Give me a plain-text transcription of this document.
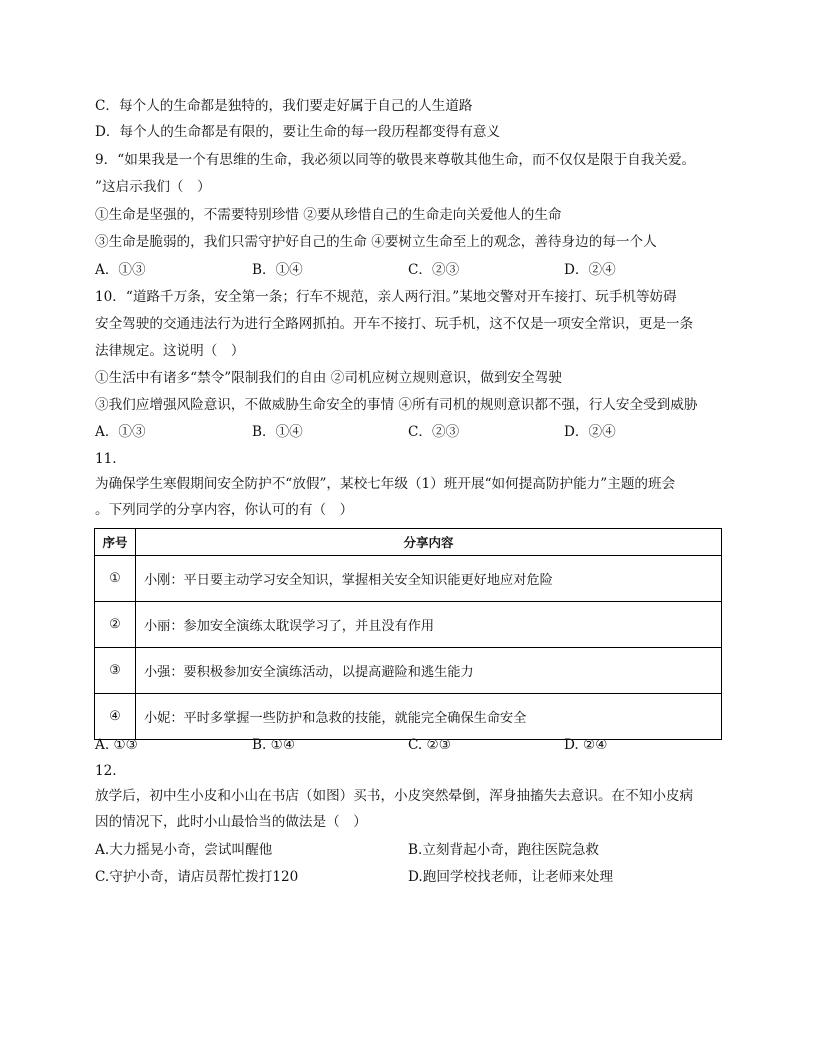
C．每个人的生命都是独特的，我们要走好属于自己的人生道路
D．每个人的生命都是有限的，要让生命的每一段历程都变得有意义
9．“如果我是一个有思维的生命，我必须以同等的敬畏来尊敬其他生命，而不仅仅是限于自我关爱。
”这启示我们（　）
①生命是坚强的，不需要特别珍惜 ②要从珍惜自己的生命走向关爱他人的生命
③生命是脆弱的，我们只需守护好自己的生命 ④要树立生命至上的观念，善待身边的每一个人
A．①③	B．①④	C．②③	D．②④
10．“道路千万条，安全第一条；行车不规范，亲人两行泪。”某地交警对开车接打、玩手机等妨碍
安全驾驶的交通违法行为进行全路网抓拍。开车不接打、玩手机，这不仅是一项安全常识，更是一条
法律规定。这说明（　）
①生活中有诸多“禁令”限制我们的自由 ②司机应树立规则意识，做到安全驾驶
③我们应增强风险意识，不做威胁生命安全的事情 ④所有司机的规则意识都不强，行人安全受到威胁
A．①③	B．①④	C．②③	D．②④
11.
为确保学生寒假期间安全防护不“放假”，某校七年级（1）班开展“如何提高防护能力”主题的班会
。下列同学的分享内容，你认可的有（　）
序号	分享内容
①	小刚：平日要主动学习安全知识，掌握相关安全知识能更好地应对危险
②	小丽：参加安全演练太耽误学习了，并且没有作用
③	小强：要积极参加安全演练活动，以提高避险和逃生能力
④	小妮：平时多掌握一些防护和急救的技能，就能完全确保生命安全
A. ①③	B. ①④	C. ②③	D. ②④
12.
放学后，初中生小皮和小山在书店（如图）买书，小皮突然晕倒，浑身抽搐失去意识。在不知小皮病
因的情况下，此时小山最恰当的做法是（　）
A.大力摇晃小奇，尝试叫醒他	B.立刻背起小奇，跑往医院急救
C.守护小奇，请店员帮忙拨打120	D.跑回学校找老师，让老师来处理
